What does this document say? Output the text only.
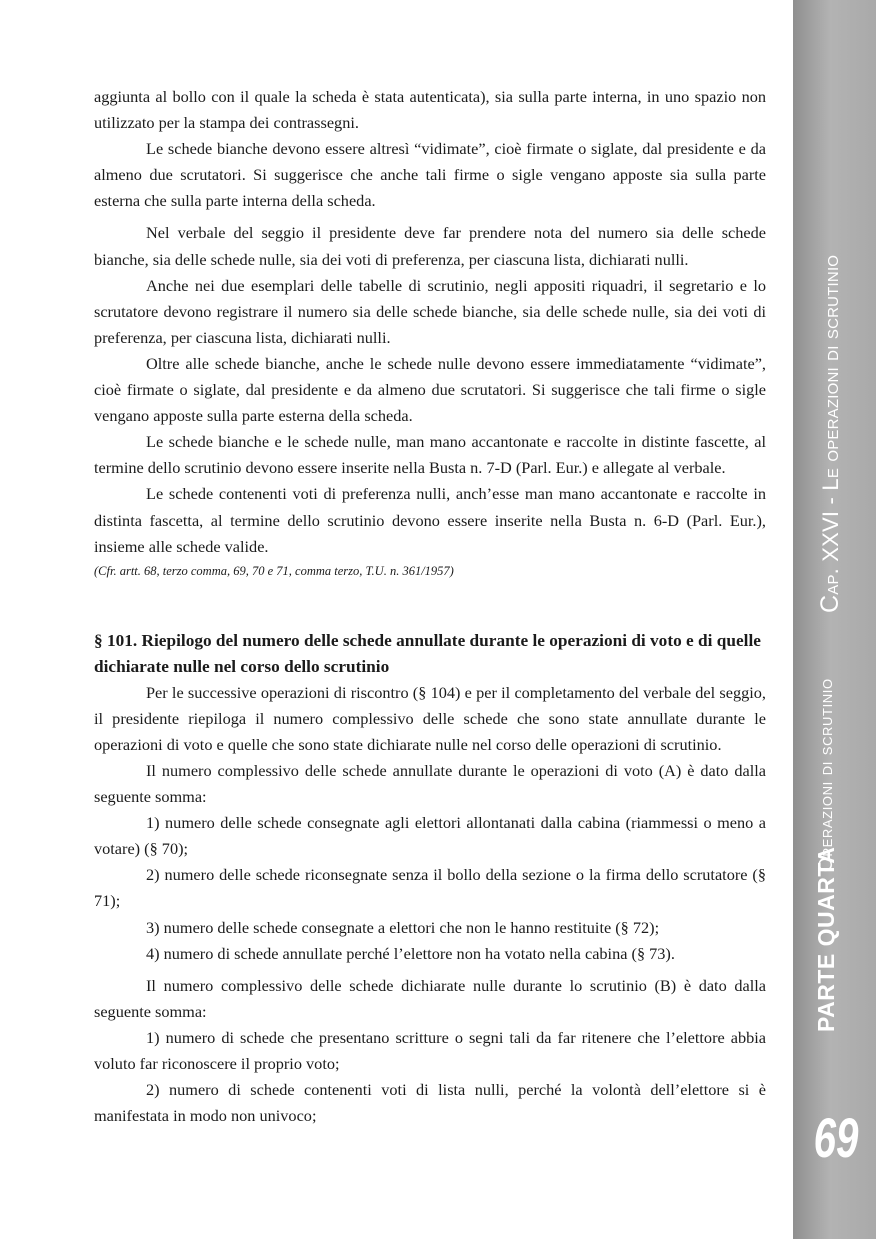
aggiunta al bollo con il quale la scheda è stata autenticata), sia sulla parte interna, in uno spazio non utilizzato per la stampa dei contrassegni.

Le schede bianche devono essere altresì “vidimate”, cioè firmate o siglate, dal presidente e da almeno due scrutatori. Si suggerisce che anche tali firme o sigle vengano apposte sia sulla parte esterna che sulla parte interna della scheda.

Nel verbale del seggio il presidente deve far prendere nota del numero sia delle schede bianche, sia delle schede nulle, sia dei voti di preferenza, per ciascuna lista, dichiarati nulli.

Anche nei due esemplari delle tabelle di scrutinio, negli appositi riquadri, il segretario e lo scrutatore devono registrare il numero sia delle schede bianche, sia delle schede nulle, sia dei voti di preferenza, per ciascuna lista, dichiarati nulli.

Oltre alle schede bianche, anche le schede nulle devono essere immediatamente “vidimate”, cioè firmate o siglate, dal presidente e da almeno due scrutatori. Si suggerisce che tali firme o sigle vengano apposte sulla parte esterna della scheda.

Le schede bianche e le schede nulle, man mano accantonate e raccolte in distinte fascette, al termine dello scrutinio devono essere inserite nella Busta n. 7-D (Parl. Eur.) e allegate al verbale.

Le schede contenenti voti di preferenza nulli, anch’esse man mano accantonate e raccolte in distinta fascetta, al termine dello scrutinio devono essere inserite nella Busta n. 6-D (Parl. Eur.), insieme alle schede valide.

(Cfr. artt. 68, terzo comma, 69, 70 e 71, comma terzo, T.U. n. 361/1957)

§ 101. Riepilogo del numero delle schede annullate durante le operazioni di voto e di quelle dichiarate nulle nel corso dello scrutinio

Per le successive operazioni di riscontro (§ 104) e per il completamento del verbale del seggio, il presidente riepiloga il numero complessivo delle schede che sono state annullate durante le operazioni di voto e quelle che sono state dichiarate nulle nel corso delle operazioni di scrutinio.

Il numero complessivo delle schede annullate durante le operazioni di voto (A) è dato dalla seguente somma:

1) numero delle schede consegnate agli elettori allontanati dalla cabina (riammessi o meno a votare) (§ 70);

2) numero delle schede riconsegnate senza il bollo della sezione o la firma dello scrutatore (§ 71);

3) numero delle schede consegnate a elettori che non le hanno restituite (§ 72);

4) numero di schede annullate perché l’elettore non ha votato nella cabina (§ 73).

Il numero complessivo delle schede dichiarate nulle durante lo scrutinio (B) è dato dalla seguente somma:

1) numero di schede che presentano scritture o segni tali da far ritenere che l’elettore abbia voluto far riconoscere il proprio voto;

2) numero di schede contenenti voti di lista nulli, perché la volontà dell’elettore si è manifestata in modo non univoco;

Cap. XXVI - Le operazioni di scrutinio
Operazioni di scrutinio
PARTE QUARTA
69
